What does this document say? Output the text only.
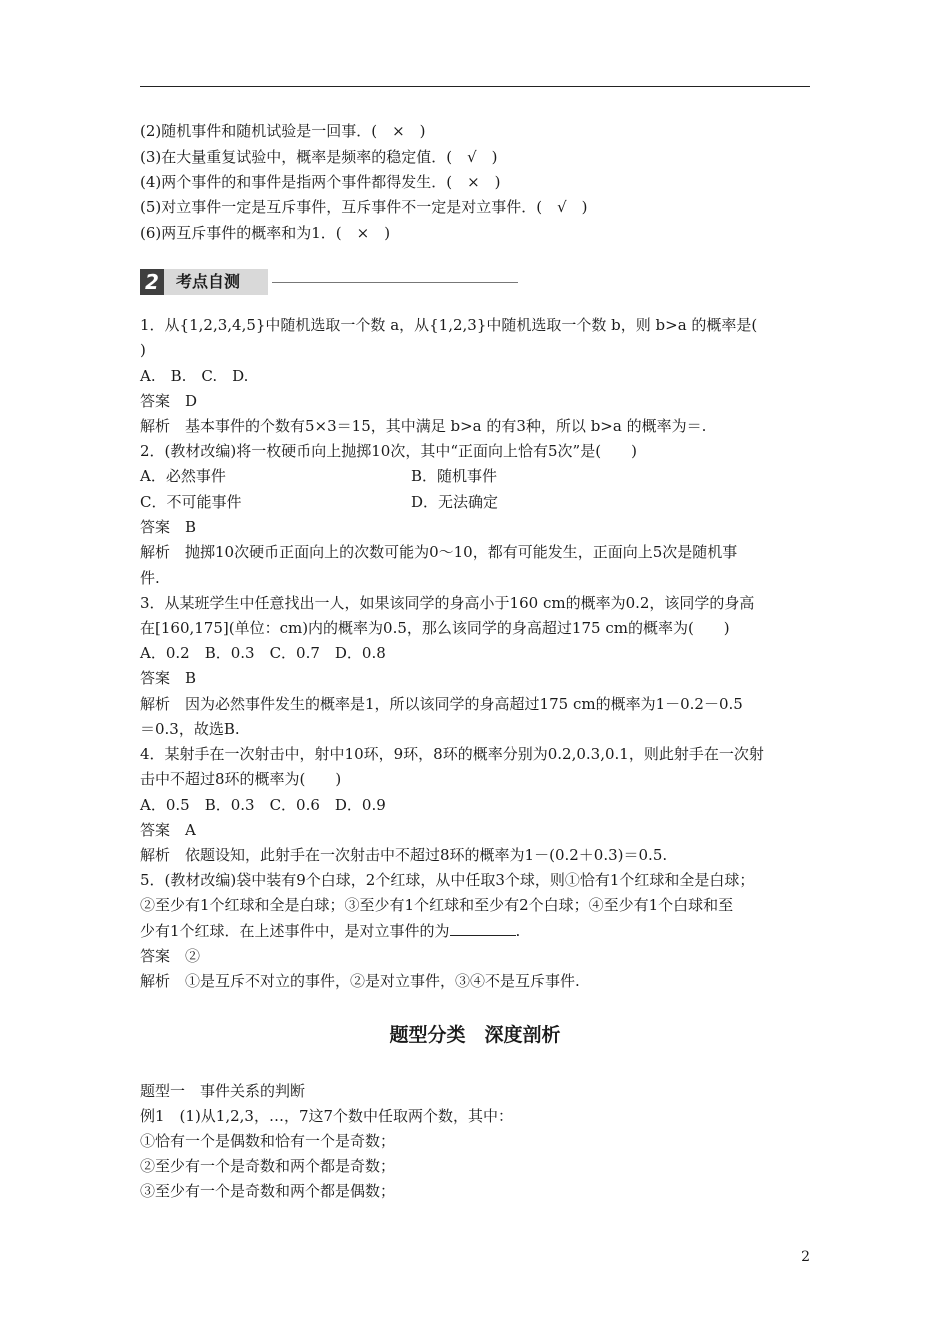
(2)随机事件和随机试验是一回事．(　×　)
(3)在大量重复试验中，概率是频率的稳定值．(　√　)
(4)两个事件的和事件是指两个事件都得发生．(　×　)
(5)对立事件一定是互斥事件，互斥事件不一定是对立事件．(　√　)
(6)两互斥事件的概率和为1．(　×　)
2	考点自测
1．从{1,2,3,4,5}中随机选取一个数 a，从{1,2,3}中随机选取一个数 b，则 b>a 的概率是(
)
A.　B.　C.　D.
答案　D
解析　基本事件的个数有5×3＝15，其中满足 b>a 的有3种，所以 b>a 的概率为＝.
2．(教材改编)将一枚硬币向上抛掷10次，其中“正面向上恰有5次”是(　　)
A．必然事件	B．随机事件
C．不可能事件	D．无法确定
答案　B
解析　抛掷10次硬币正面向上的次数可能为0～10，都有可能发生，正面向上5次是随机事
件.
3．从某班学生中任意找出一人，如果该同学的身高小于160 cm的概率为0.2，该同学的身高
在[160,175](单位：cm)内的概率为0.5，那么该同学的身高超过175 cm的概率为(　　)
A．0.2　B．0.3　C．0.7　D．0.8
答案　B
解析　因为必然事件发生的概率是1，所以该同学的身高超过175 cm的概率为1－0.2－0.5
＝0.3，故选B.
4．某射手在一次射击中，射中10环，9环，8环的概率分别为0.2,0.3,0.1，则此射手在一次射
击中不超过8环的概率为(　　)
A．0.5　B．0.3　C．0.6　D．0.9
答案　A
解析　依题设知，此射手在一次射击中不超过8环的概率为1－(0.2＋0.3)＝0.5.
5．(教材改编)袋中装有9个白球，2个红球，从中任取3个球，则①恰有1个红球和全是白球；
②至少有1个红球和全是白球；③至少有1个红球和至少有2个白球；④至少有1个白球和至
少有1个红球．在上述事件中，是对立事件的为	.
答案　②
解析　①是互斥不对立的事件，②是对立事件，③④不是互斥事件.
题型分类　深度剖析
题型一　事件关系的判断
例1　(1)从1,2,3，…，7这7个数中任取两个数，其中：
①恰有一个是偶数和恰有一个是奇数；
②至少有一个是奇数和两个都是奇数；
③至少有一个是奇数和两个都是偶数；
2
